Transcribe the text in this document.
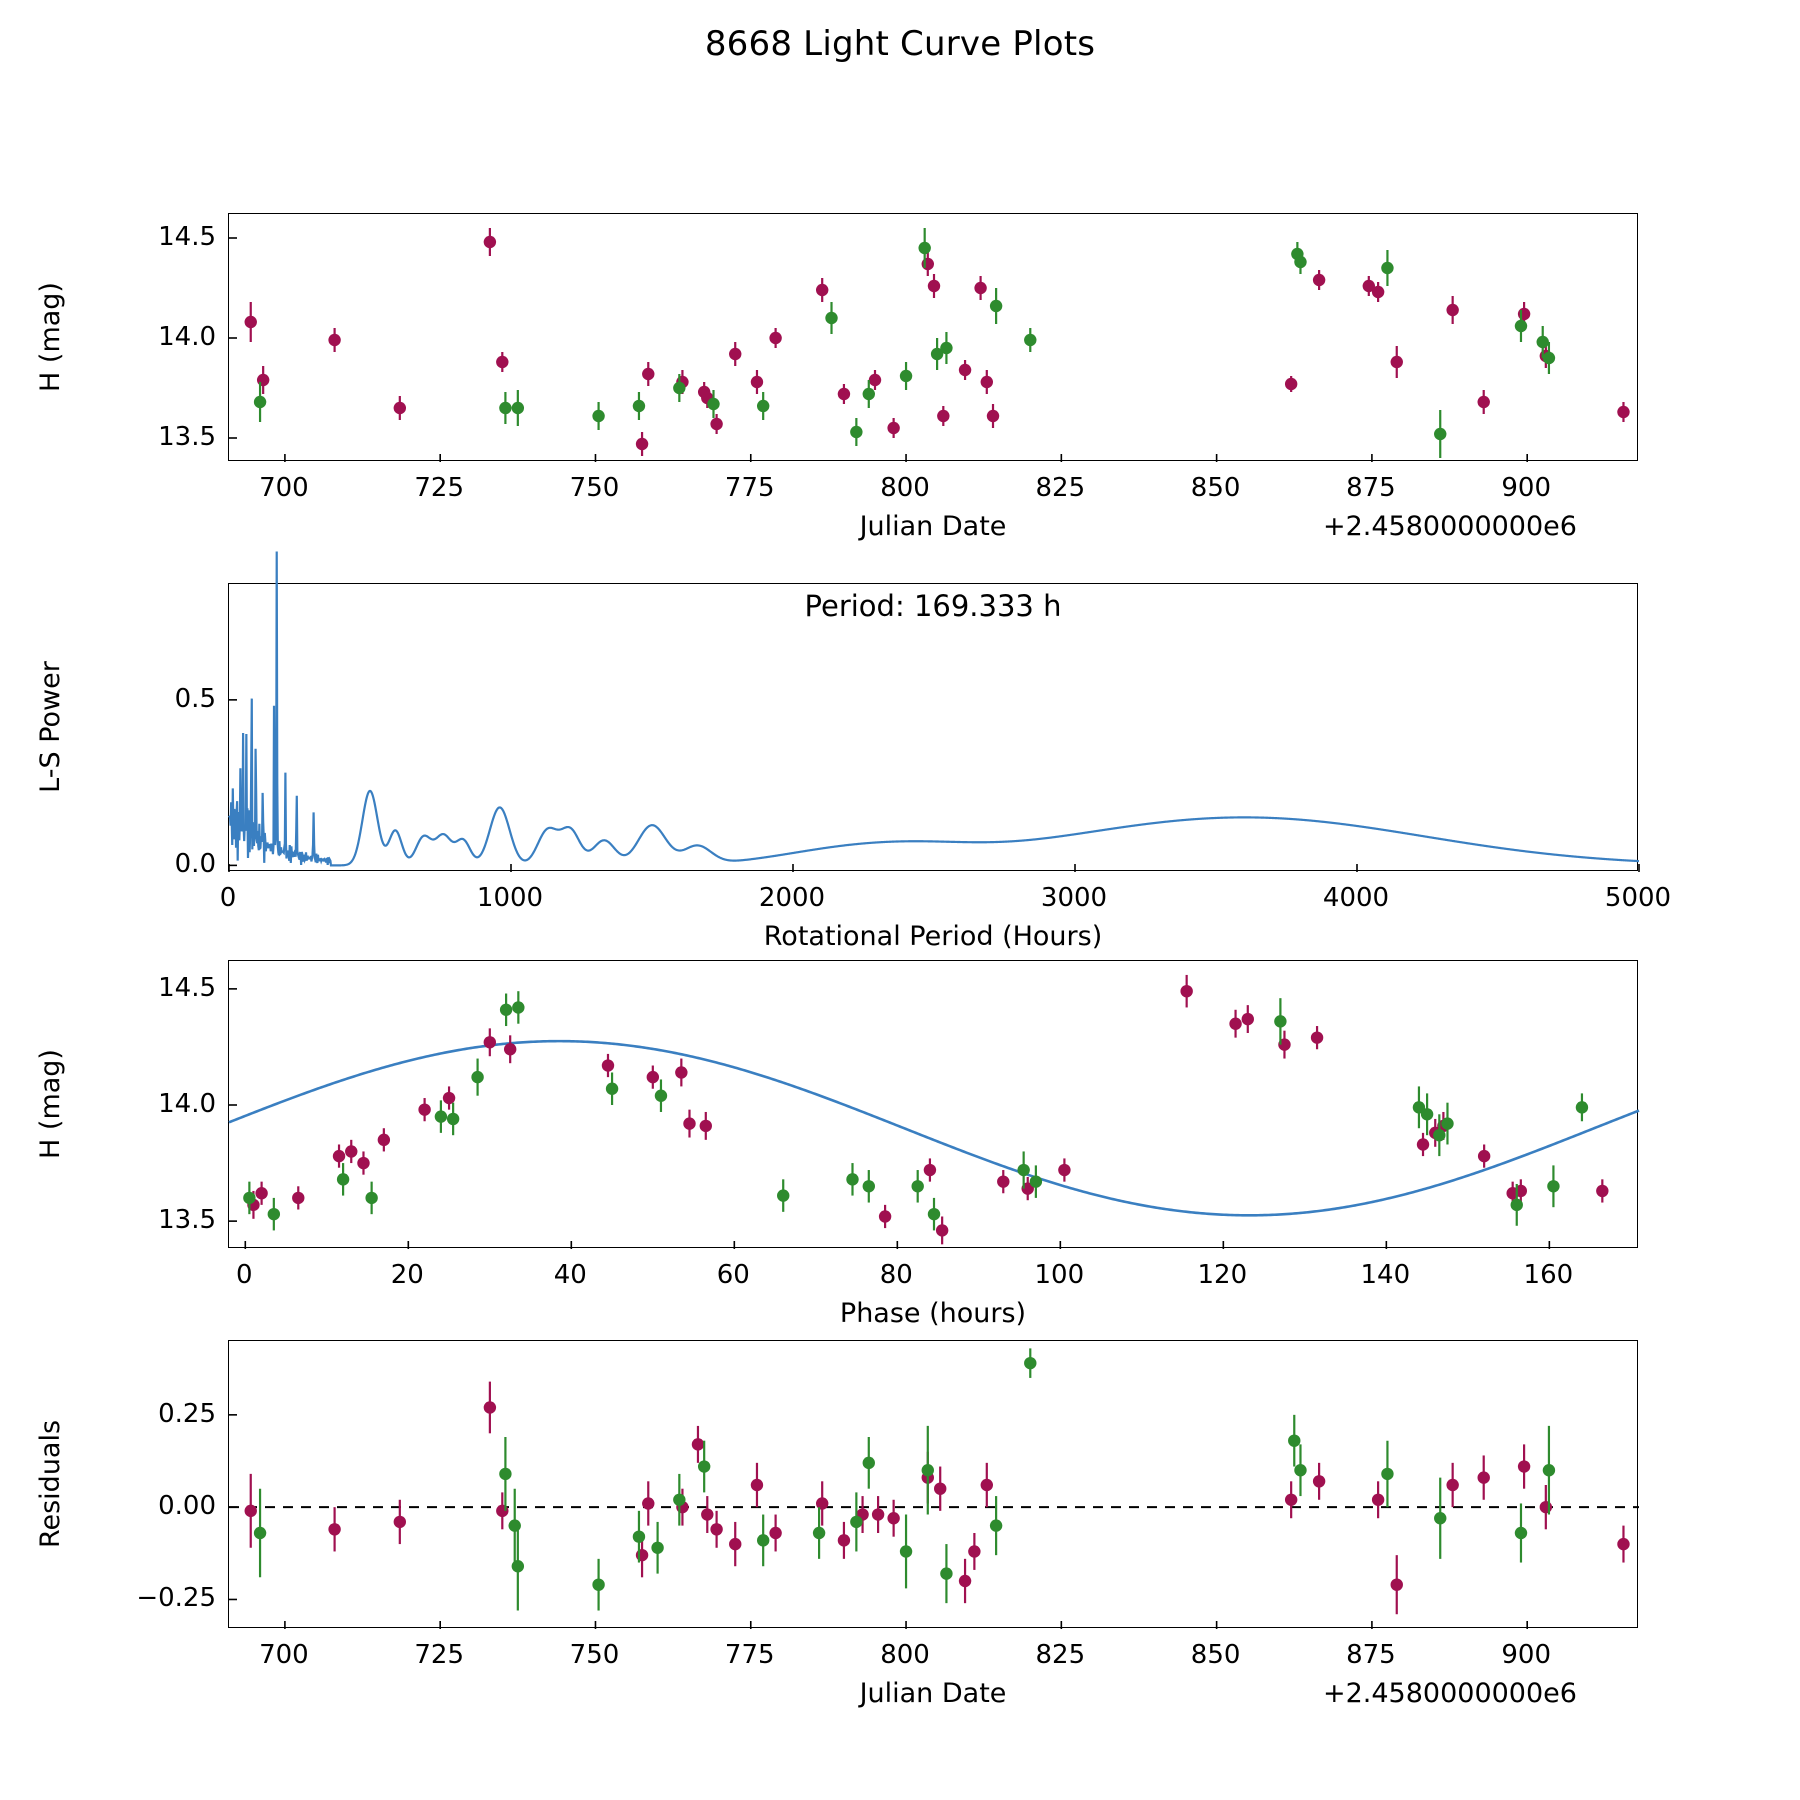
8668 Light Curve Plots
700	725	750	775	800	825	850	875	900
13.5
14.0
14.5
Julian Date
H (mag)
+2.4580000000e6
0	1000	2000	3000	4000	5000
0.0
0.5
Rotational Period (Hours)
L-S Power
Period: 169.333 h
0	20	40	60	80	100	120	140	160
13.5
14.0
14.5
Phase (hours)
H (mag)
700	725	750	775	800	825	850	875	900
−0.25
0.00
0.25
Julian Date
Residuals
+2.4580000000e6
